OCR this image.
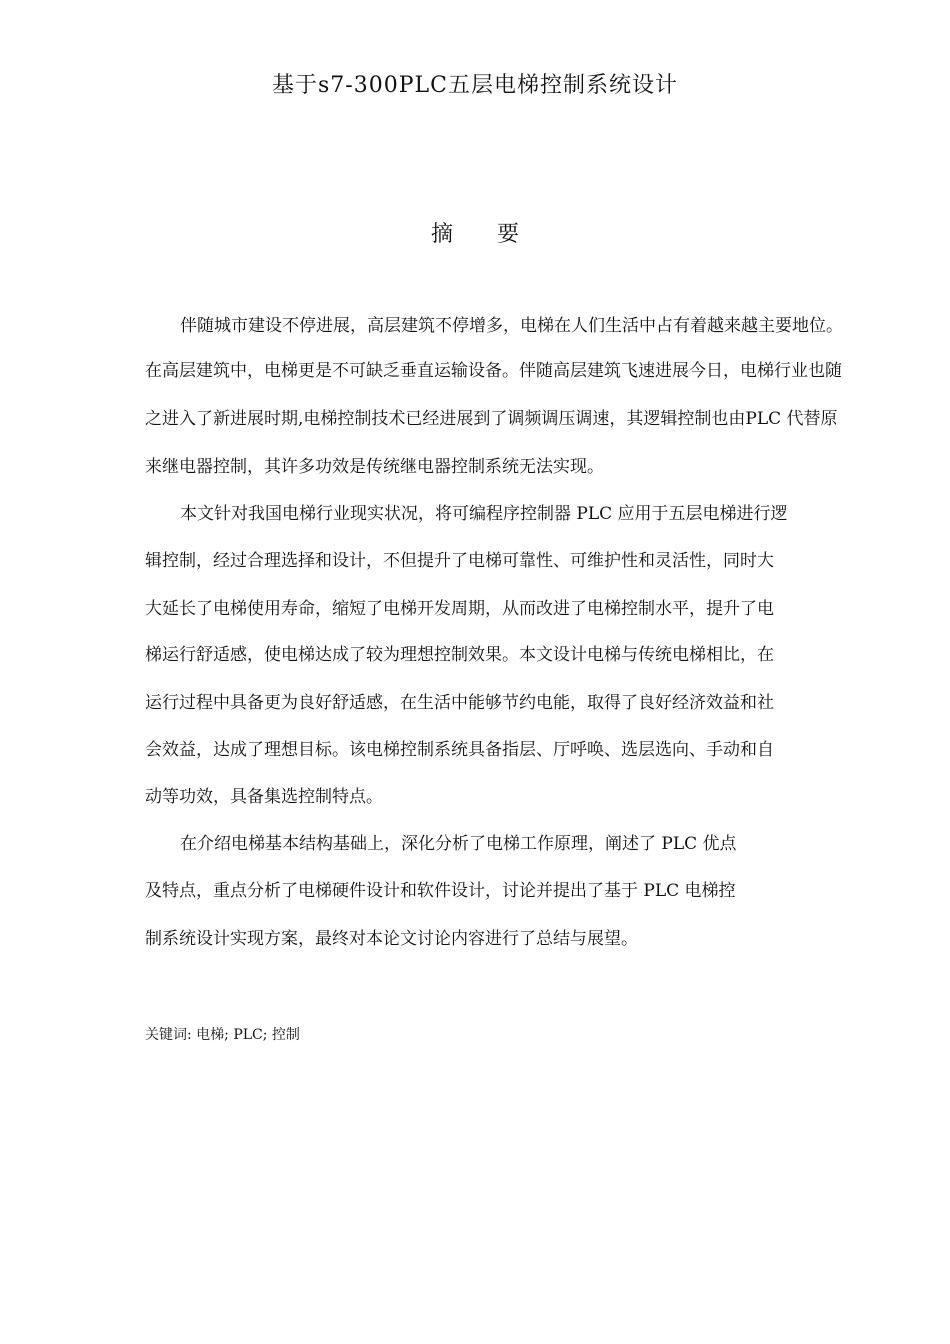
基于s7-300PLC五层电梯控制系统设计
摘 要
伴随城市建设不停进展，高层建筑不停增多，电梯在人们生活中占有着越来越主要地位。
在高层建筑中，电梯更是不可缺乏垂直运输设备。伴随高层建筑飞速进展今日，电梯行业也随
之进入了新进展时期,电梯控制技术已经进展到了调频调压调速，其逻辑控制也由PLC 代替原
来继电器控制，其许多功效是传统继电器控制系统无法实现。
本文针对我国电梯行业现实状况，将可编程序控制器 PLC 应用于五层电梯进行逻
辑控制，经过合理选择和设计，不但提升了电梯可靠性、可维护性和灵活性，同时大
大延长了电梯使用寿命，缩短了电梯开发周期，从而改进了电梯控制水平，提升了电
梯运行舒适感，使电梯达成了较为理想控制效果。本文设计电梯与传统电梯相比，在
运行过程中具备更为良好舒适感，在生活中能够节约电能，取得了良好经济效益和社
会效益，达成了理想目标。该电梯控制系统具备指层、厅呼唤、选层选向、手动和自
动等功效，具备集选控制特点。
在介绍电梯基本结构基础上，深化分析了电梯工作原理，阐述了 PLC 优点
及特点，重点分析了电梯硬件设计和软件设计，讨论并提出了基于 PLC 电梯控
制系统设计实现方案，最终对本论文讨论内容进行了总结与展望。
关键词: 电梯; PLC; 控制
